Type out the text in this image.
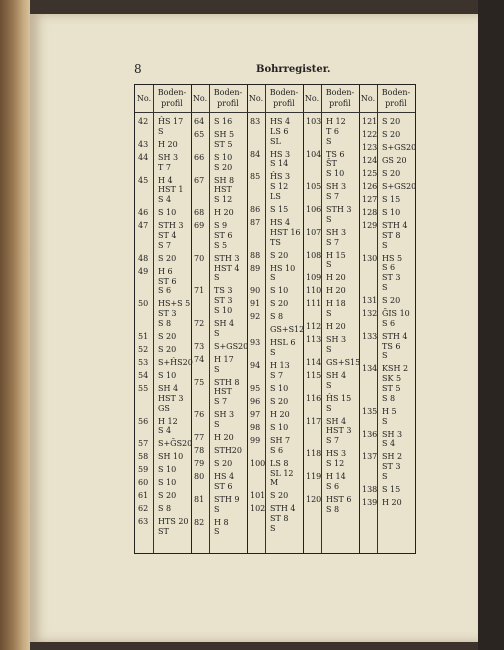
8	Bohrregister.
No.
Boden-
profil
42 ĤS 17
S
43 H 20
44 SH 3
T 7
45 H 4
HST 1
S 4
46 S 10
47 STH 3
ST 4
S 7
48 S 20
49 H 6
ST 6
S 6
50 HS+S 5
ST 3
S 8
51 S 20
52 S 20
53 S+ĤS20
54 S 10
55 SH 4
HST 3
GS
56 H 12
S 4
57 S+ĞS20
58 SH 10
59 S 10
60 S 10
61 S 20
62 S 8
63 HTS 20
ST
No.
Boden-
profil
64 S 16
65 SH 5
ST 5
66 S 10
S 20
67 SH 8
HST
S 12
68 H 20
69 S 9
ST 6
S 5
70 STH 3
HST 4
S
71 TS 3
ST 3
S 10
72 SH 4
S
73 S+GS20
74 H 17
S
75 STH 8
HST
S 7
76 SH 3
S
77 H 20
78 STH20
79 S 20
80 HS 4
ST 6
81 STH 9
S
82 H 8
S
No.
Boden-
profil
83 HS 4
LS 6
SL
84 HS 3
S 14
85 ĤS 3
S 12
LS
86 S 15
87 HS 4
HST 16
TS
88 S 20
89 HS 10
S
90 S 10
91 S 20
92 S 8
GS+S12
93 HSL 6
S
94 H 13
S 7
95 S 10
96 S 20
97 H 20
98 S 10
99 SH 7
S 6
100 LS 8
SL 12
M
101 S 20
102 STH 4
ST 8
S
No.
Boden-
profil
103 H 12
T 6
S
104 TS 6
ŠT
S 10
105 SH 3
S 7
106 STH 3
S
107 SH 3
S 7
108 H 15
S
109 H 20
110 H 20
111 H 18
S
112 H 20
113 SH 3
S
114 GS+S15
115 SH 4
S
116 ĤS 15
S
117 SH 4
HST 3
S 7
118 HS 3
S 12
119 H 14
S 6
120 HST 6
S 8
No.
Boden-
profil
121 S 20
122 S 20
123 S+GS20
124 GS 20
125 S 20
126 S+GS20
127 S 15
128 S 10
129 STH 4
ST 8
S
130 HS 5
S 6
ST 3
S
131 S 20
132 ĞIS 10
S 6
133 STH 4
TS 6
S
134 KSH 2
SK 5
ST 5
S 8
135 H 5
S
136 SH 3
S 4
137 SH 2
ST 3
S
138 S 15
139 H 20
